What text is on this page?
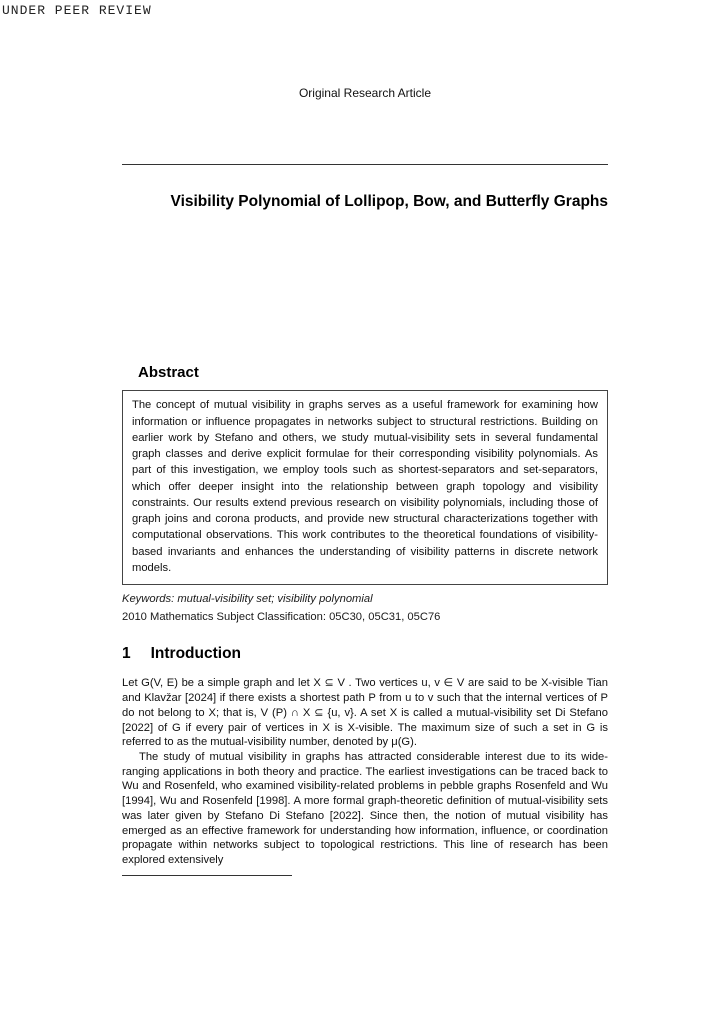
UNDER PEER REVIEW
Original Research Article
Visibility Polynomial of Lollipop, Bow, and Butterfly Graphs
Abstract
The concept of mutual visibility in graphs serves as a useful framework for examining how information or influence propagates in networks subject to structural restrictions. Building on earlier work by Stefano and others, we study mutual-visibility sets in several fundamental graph classes and derive explicit formulae for their corresponding visibility polynomials. As part of this investigation, we employ tools such as shortest-separators and set-separators, which offer deeper insight into the relationship between graph topology and visibility constraints. Our results extend previous research on visibility polynomials, including those of graph joins and corona products, and provide new structural characterizations together with computational observations. This work contributes to the theoretical foundations of visibility-based invariants and enhances the understanding of visibility patterns in discrete network models.
Keywords: mutual-visibility set; visibility polynomial
2010 Mathematics Subject Classification: 05C30, 05C31, 05C76
1 Introduction

Let G(V, E) be a simple graph and let X ⊆ V . Two vertices u, v ∈ V are said to be X-visible Tian and Klavžar [2024] if there exists a shortest path P from u to v such that the internal vertices of P do not belong to X; that is, V (P) ∩ X ⊆ {u, v}. A set X is called a mutual-visibility set Di Stefano [2022] of G if every pair of vertices in X is X-visible. The maximum size of such a set in G is referred to as the mutual-visibility number, denoted by μ(G).

The study of mutual visibility in graphs has attracted considerable interest due to its wide-ranging applications in both theory and practice. The earliest investigations can be traced back to Wu and Rosenfeld, who examined visibility-related problems in pebble graphs Rosenfeld and Wu [1994], Wu and Rosenfeld [1998]. A more formal graph-theoretic definition of mutual-visibility sets was later given by Stefano Di Stefano [2022]. Since then, the notion of mutual visibility has emerged as an effective framework for understanding how information, influence, or coordination propagate within networks subject to topological restrictions. This line of research has been explored extensively
